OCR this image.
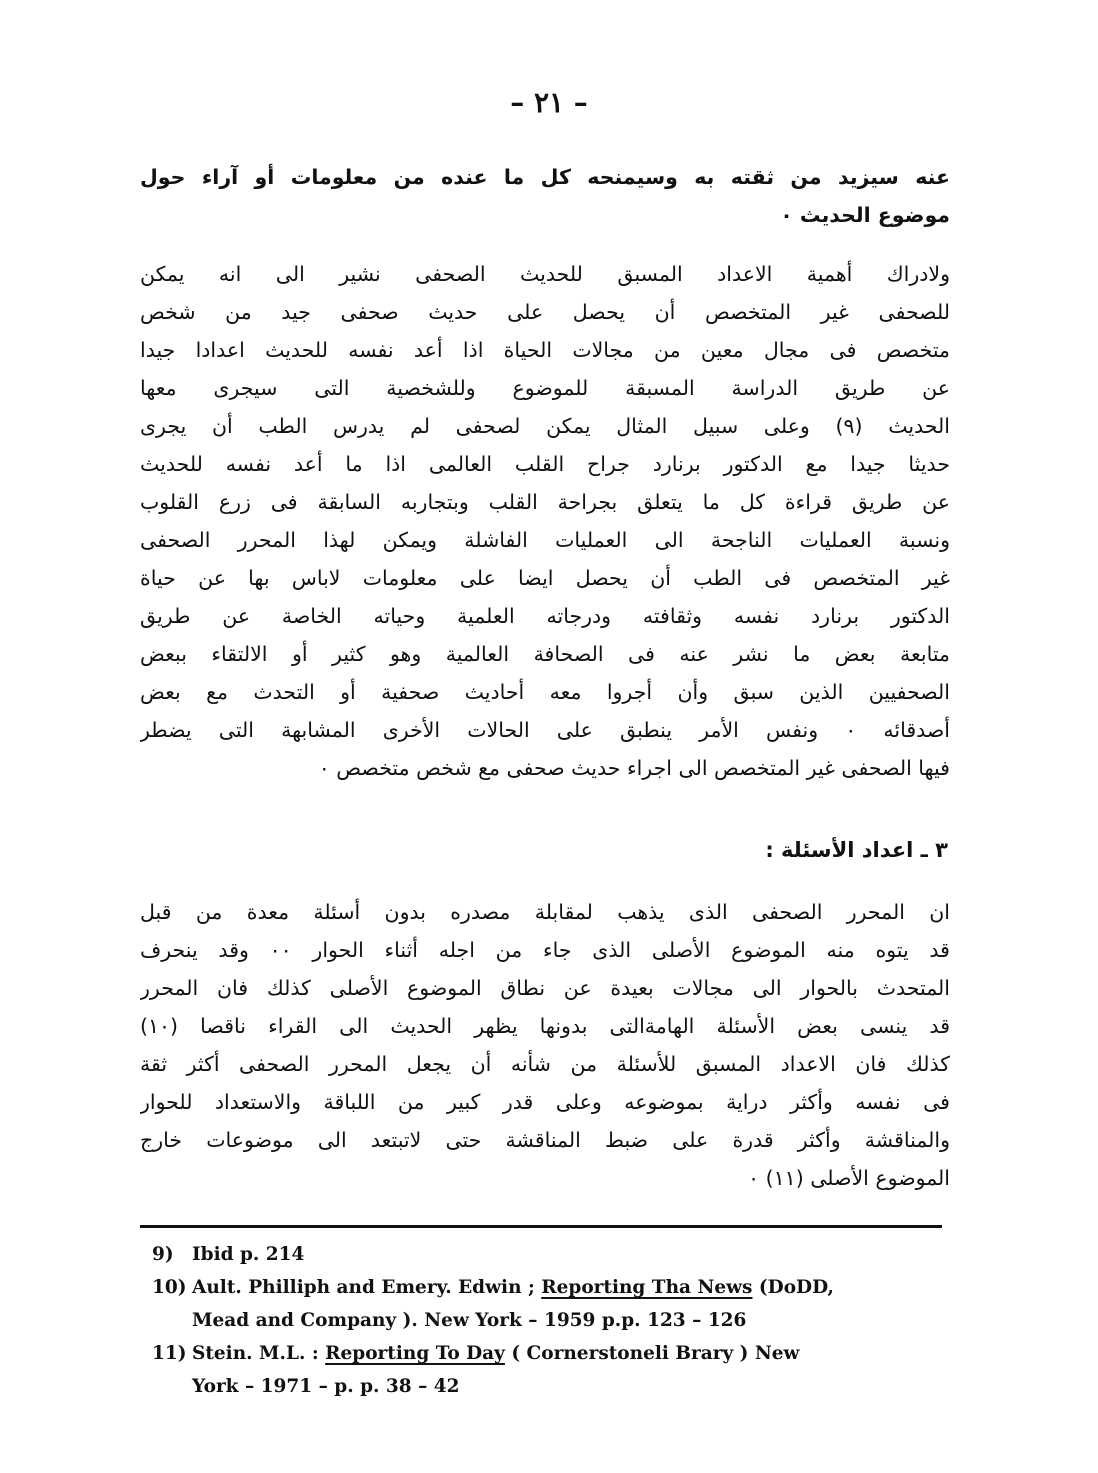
– ٢١ –
عنه سيزيد من ثقته به وسيمنحه كل ما عنده من معلومات أو آراء حول
موضوع الحديث ٠
ولادراك أهمية الاعداد المسبق للحديث الصحفى نشير الى انه يمكن
للصحفى غير المتخصص أن يحصل على حديث صحفى جيد من شخص
متخصص فى مجال معين من مجالات الحياة اذا أعد نفسه للحديث اعدادا جيدا
عن طريق الدراسة المسبقة للموضوع وللشخصية التى سيجرى معها
الحديث (٩) وعلى سبيل المثال يمكن لصحفى لم يدرس الطب أن يجرى
حديثا جيدا مع الدكتور برنارد جراح القلب العالمى اذا ما أعد نفسه للحديث
عن طريق قراءة كل ما يتعلق بجراحة القلب وبتجاربه السابقة فى زرع القلوب
ونسبة العمليات الناجحة الى العمليات الفاشلة ويمكن لهذا المحرر الصحفى
غير المتخصص فى الطب أن يحصل ايضا على معلومات لاباس بها عن حياة
الدكتور برنارد نفسه وثقافته ودرجاته العلمية وحياته الخاصة عن طريق
متابعة بعض ما نشر عنه فى الصحافة العالمية وهو كثير أو الالتقاء ببعض
الصحفيين الذين سبق وأن أجروا معه أحاديث صحفية أو التحدث مع بعض
أصدقائه ٠ ونفس الأمر ينطبق على الحالات الأخرى المشابهة التى يضطر
فيها الصحفى غير المتخصص الى اجراء حديث صحفى مع شخص متخصص ٠
٣ ـ اعداد الأسئلة :
ان المحرر الصحفى الذى يذهب لمقابلة مصدره بدون أسئلة معدة من قبل
قد يتوه منه الموضوع الأصلى الذى جاء من اجله أثناء الحوار ٠٠ وقد ينحرف
المتحدث بالحوار الى مجالات بعيدة عن نطاق الموضوع الأصلى كذلك فان المحرر
قد ينسى بعض الأسئلة الهامةالتى بدونها يظهر الحديث الى القراء ناقصا (١٠)
كذلك فان الاعداد المسبق للأسئلة من شأنه أن يجعل المحرر الصحفى أكثر ثقة
فى نفسه وأكثر دراية بموضوعه وعلى قدر كبير من اللباقة والاستعداد للحوار
والمناقشة وأكثر قدرة على ضبط المناقشة حتى لاتبتعد الى موضوعات خارج
الموضوع الأصلى (١١) ٠
9) Ibid p. 214
10) Ault. Philliph and Emery. Edwin ; Reporting Tha News (DoDD,
Mead and Company ). New York – 1959 p.p. 123 – 126
11) Stein. M.L. : Reporting To Day ( Cornerstoneli Brary ) New
York – 1971 – p. p. 38 – 42
